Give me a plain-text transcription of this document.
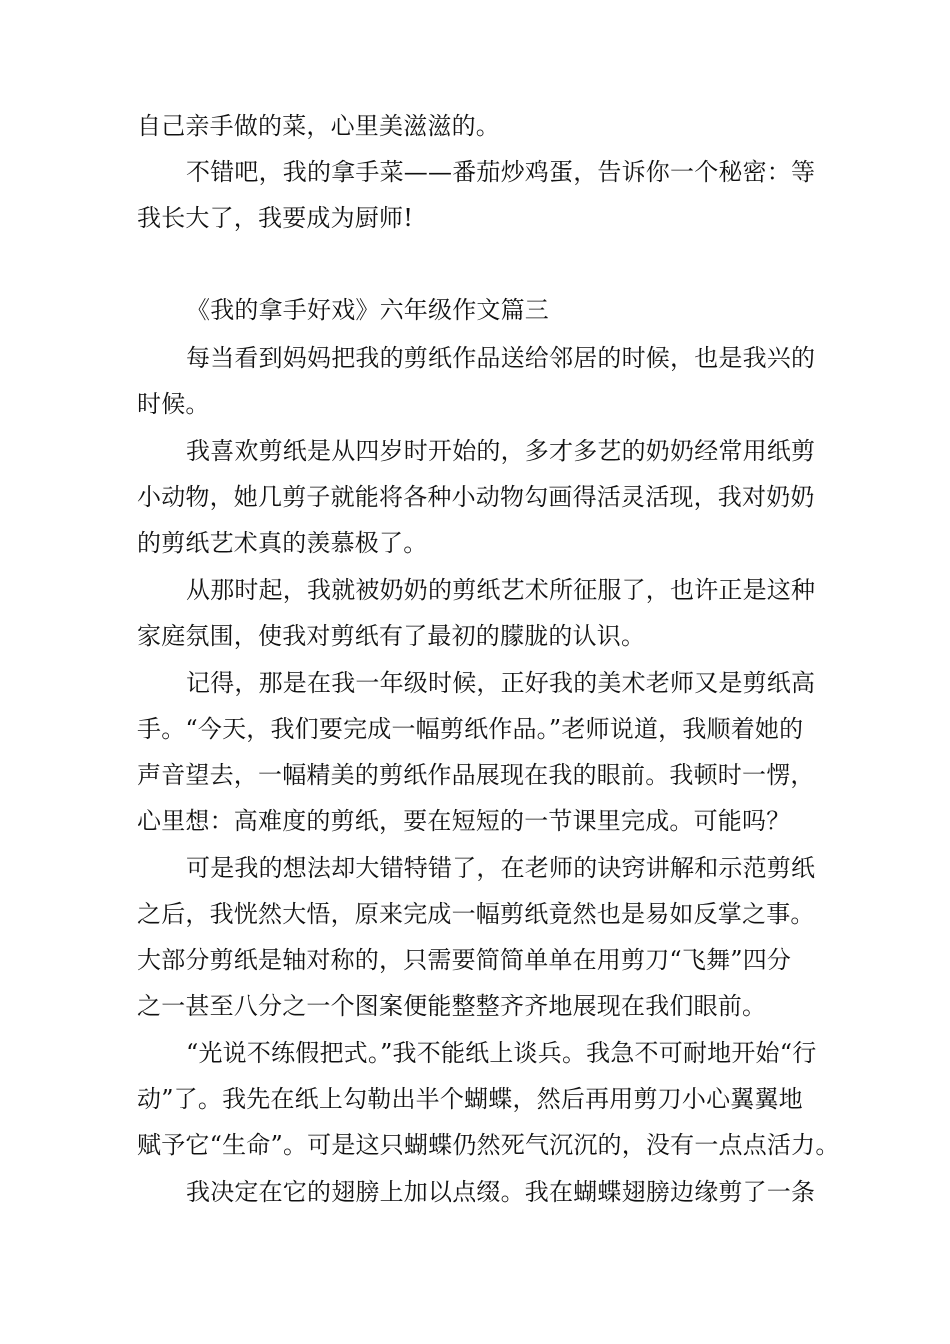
自己亲手做的菜，心里美滋滋的。
不错吧，我的拿手菜——番茄炒鸡蛋，告诉你一个秘密：等
我长大了，我要成为厨师!
《我的拿手好戏》六年级作文篇三
每当看到妈妈把我的剪纸作品送给邻居的时候，也是我兴的
时候。
我喜欢剪纸是从四岁时开始的，多才多艺的奶奶经常用纸剪
小动物，她几剪子就能将各种小动物勾画得活灵活现，我对奶奶
的剪纸艺术真的羡慕极了。
从那时起，我就被奶奶的剪纸艺术所征服了，也许正是这种
家庭氛围，使我对剪纸有了最初的朦胧的认识。
记得，那是在我一年级时候，正好我的美术老师又是剪纸高
手。“今天，我们要完成一幅剪纸作品。”老师说道，我顺着她的
声音望去，一幅精美的剪纸作品展现在我的眼前。我顿时一愣，
心里想：高难度的剪纸，要在短短的一节课里完成。可能吗？
可是我的想法却大错特错了，在老师的诀窍讲解和示范剪纸
之后，我恍然大悟，原来完成一幅剪纸竟然也是易如反掌之事。
大部分剪纸是轴对称的，只需要简简单单在用剪刀“飞舞”四分
之一甚至八分之一个图案便能整整齐齐地展现在我们眼前。
“光说不练假把式。”我不能纸上谈兵。我急不可耐地开始“行
动”了。我先在纸上勾勒出半个蝴蝶，然后再用剪刀小心翼翼地
赋予它“生命”。可是这只蝴蝶仍然死气沉沉的，没有一点点活力。
我决定在它的翅膀上加以点缀。我在蝴蝶翅膀边缘剪了一条
